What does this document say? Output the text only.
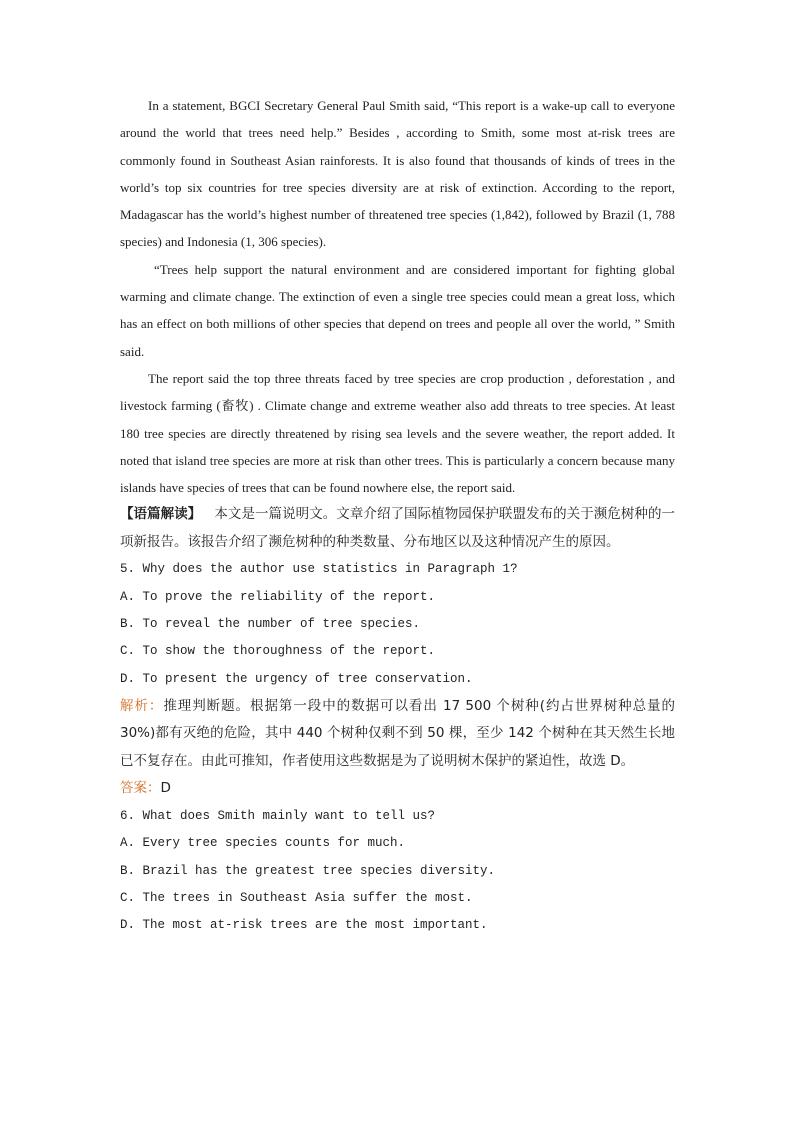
In a statement, BGCI Secretary General Paul Smith said, “This report is a wake-up call to everyone around the world that trees need help.” Besides , according to Smith, some most at-risk trees are commonly found in Southeast Asian rainforests. It is also found that thousands of kinds of trees in the world’s top six countries for tree species diversity are at risk of extinction. According to the report, Madagascar has the world’s highest number of threatened tree species (1,842), followed by Brazil (1, 788 species) and Indonesia (1, 306 species).

“Trees help support the natural environment and are considered important for fighting global warming and climate change. The extinction of even a single tree species could mean a great loss, which has an effect on both millions of other species that depend on trees and people all over the world, ” Smith said.

The report said the top three threats faced by tree species are crop production , deforestation , and livestock farming (畜牧) . Climate change and extreme weather also add threats to tree species. At least 180 tree species are directly threatened by rising sea levels and the severe weather, the report added. It noted that island tree species are more at risk than other trees. This is particularly a concern because many islands have species of trees that can be found nowhere else, the report said.

【语篇解读】 本文是一篇说明文。文章介绍了国际植物园保护联盟发布的关于濒危树种的一项新报告。该报告介绍了濒危树种的种类数量、分布地区以及这种情况产生的原因。

5. Why does the author use statistics in Paragraph 1?

A. To prove the reliability of the report.

B. To reveal the number of tree species.

C. To show the thoroughness of the report.

D. To present the urgency of tree conservation.

解析：推理判断题。根据第一段中的数据可以看出 17 500 个树种(约占世界树种总量的 30%)都有灭绝的危险，其中 440 个树种仅剩不到 50 棵，至少 142 个树种在其天然生长地已不复存在。由此可推知，作者使用这些数据是为了说明树木保护的紧迫性，故选 D。

答案：D

6. What does Smith mainly want to tell us?

A. Every tree species counts for much.

B. Brazil has the greatest tree species diversity.

C. The trees in Southeast Asia suffer the most.

D. The most at-risk trees are the most important.
